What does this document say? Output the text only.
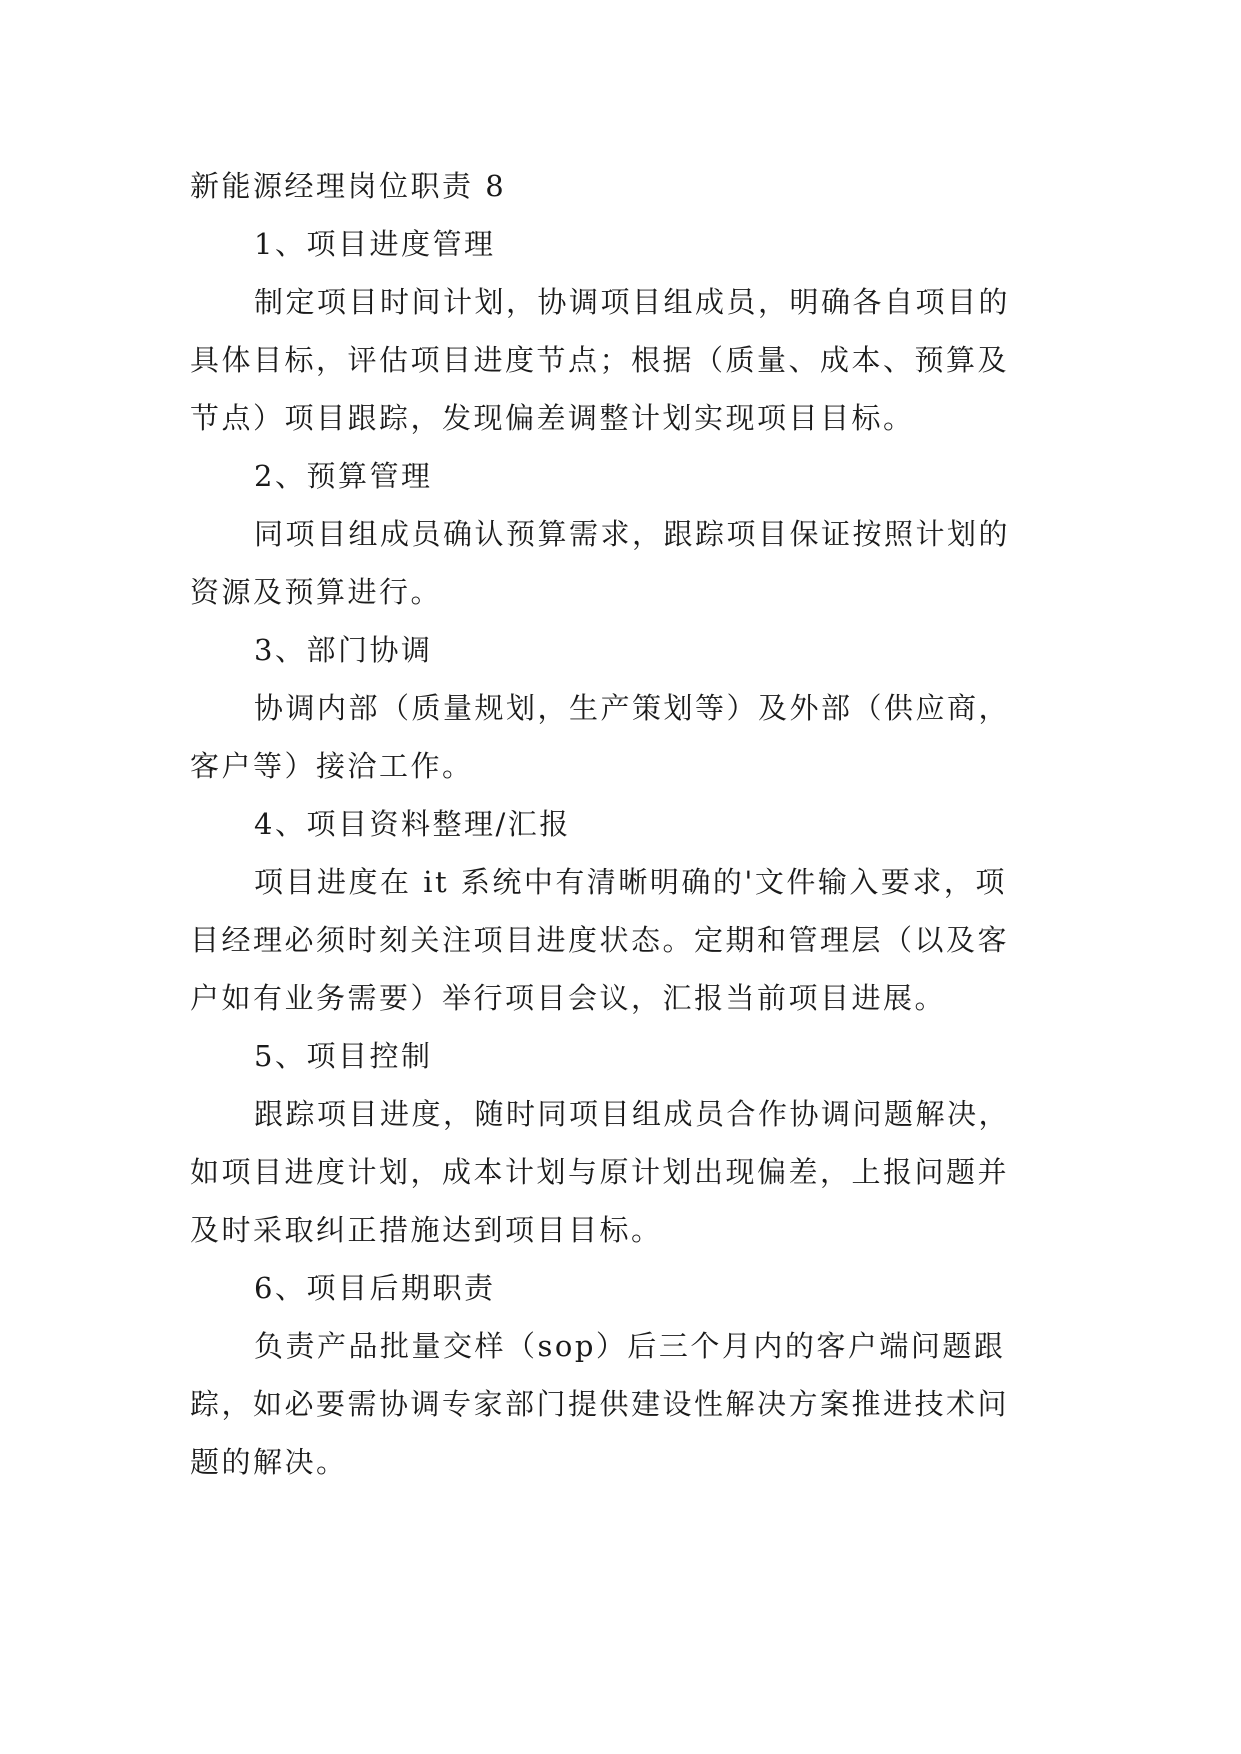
新能源经理岗位职责 8
1、项目进度管理
制定项目时间计划，协调项目组成员，明确各自项目的
具体目标，评估项目进度节点；根据（质量、成本、预算及
节点）项目跟踪，发现偏差调整计划实现项目目标。
2、预算管理
同项目组成员确认预算需求，跟踪项目保证按照计划的
资源及预算进行。
3、部门协调
协调内部（质量规划，生产策划等）及外部（供应商，
客户等）接洽工作。
4、项目资料整理/汇报
项目进度在 it 系统中有清晰明确的'文件输入要求，项
目经理必须时刻关注项目进度状态。定期和管理层（以及客
户如有业务需要）举行项目会议，汇报当前项目进展。
5、项目控制
跟踪项目进度，随时同项目组成员合作协调问题解决，
如项目进度计划，成本计划与原计划出现偏差，上报问题并
及时采取纠正措施达到项目目标。
6、项目后期职责
负责产品批量交样（sop）后三个月内的客户端问题跟
踪，如必要需协调专家部门提供建设性解决方案推进技术问
题的解决。
